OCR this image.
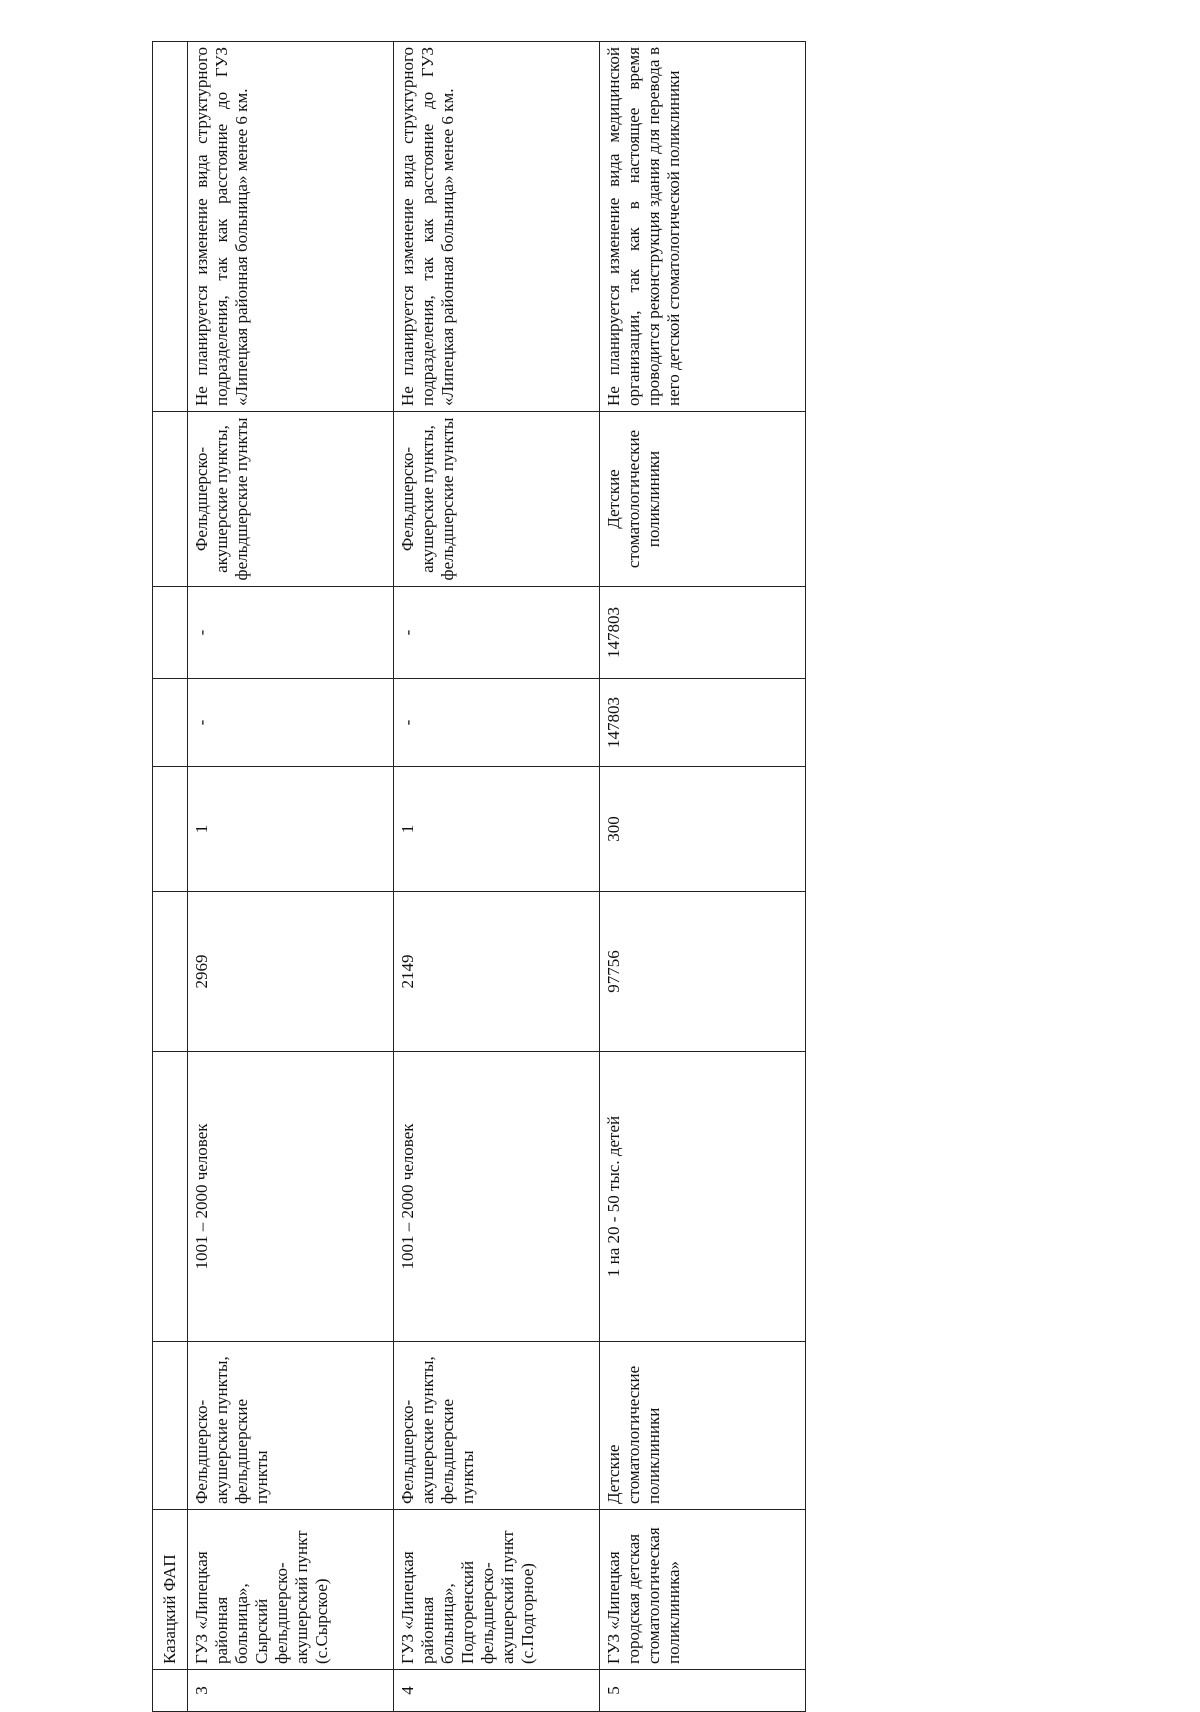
	Казацкий ФАП								
3	ГУЗ «Липецкая районная больница», Сырский фельдшерско-акушерский пункт (с.Сырское)	Фельдшерско-акушерские пункты, фельдшерские пункты	1001 – 2000 человек	2969	1	-	-	Фельдшерско-акушерские пункты, фельдшерские пункты	Не планируется изменение вида структурного подразделения, так как расстояние до ГУЗ «Липецкая районная больница» менее 6 км.
4	ГУЗ «Липецкая районная больница», Подгоренский фельдшерско-акушерский пункт (с.Подгорное)	Фельдшерско-акушерские пункты, фельдшерские пункты	1001 – 2000 человек	2149	1	-	-	Фельдшерско-акушерские пункты, фельдшерские пункты	Не планируется изменение вида структурного подразделения, так как расстояние до ГУЗ «Липецкая районная больница» менее 6 км.
5	ГУЗ «Липецкая городская детская стоматологическая поликлиника»	Детские стоматологические поликлиники	1 на 20 - 50 тыс. детей	97756	300	147803	147803	Детские стоматологические поликлиники	Не планируется изменение вида медицинской организации, так как в настоящее время проводится реконструкция здания для перевода в него детской стоматологической поликлиники
